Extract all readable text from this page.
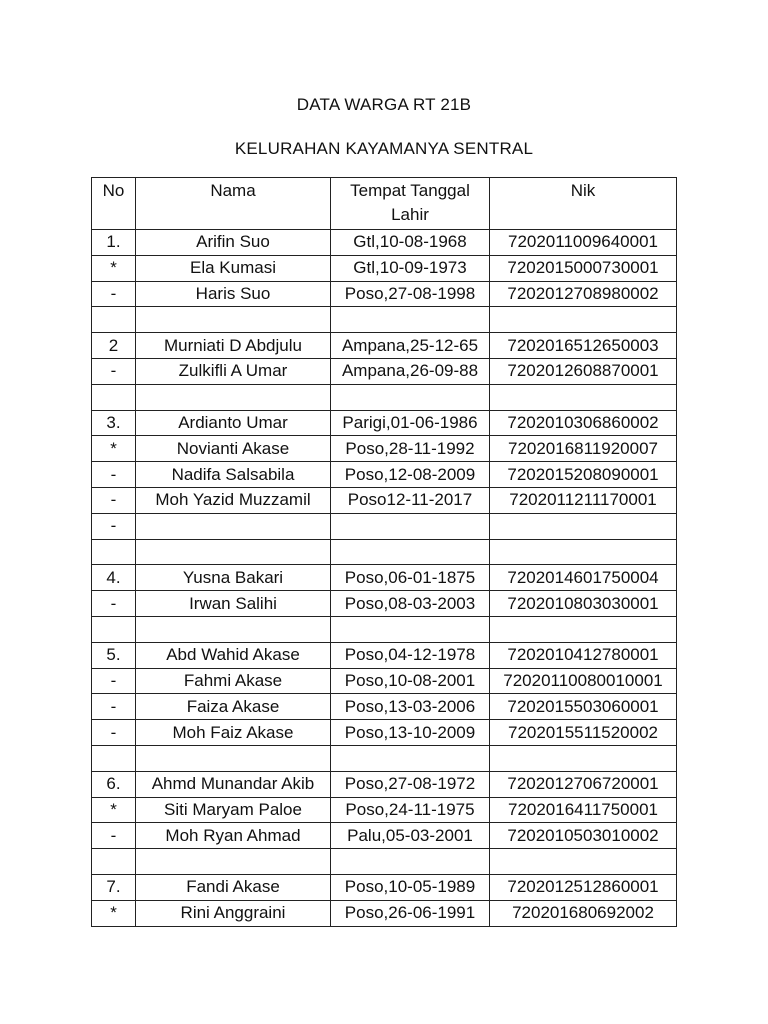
DATA WARGA RT 21B
KELURAHAN KAYAMANYA SENTRAL
No	Nama	Tempat Tanggal Lahir	Nik
1.	Arifin Suo	Gtl,10-08-1968	7202011009640001
*	Ela Kumasi	Gtl,10-09-1973	7202015000730001
-	Haris Suo	Poso,27-08-1998	7202012708980002

2	Murniati D Abdjulu	Ampana,25-12-65	7202016512650003
-	Zulkifli A Umar	Ampana,26-09-88	7202012608870001

3.	Ardianto Umar	Parigi,01-06-1986	7202010306860002
*	Novianti Akase	Poso,28-11-1992	7202016811920007
-	Nadifa Salsabila	Poso,12-08-2009	7202015208090001
-	Moh Yazid Muzzamil	Poso12-11-2017	7202011211170001
-			

4.	Yusna Bakari	Poso,06-01-1875	7202014601750004
-	Irwan Salihi	Poso,08-03-2003	7202010803030001

5.	Abd Wahid Akase	Poso,04-12-1978	7202010412780001
-	Fahmi Akase	Poso,10-08-2001	72020110080010001
-	Faiza Akase	Poso,13-03-2006	7202015503060001
-	Moh Faiz Akase	Poso,13-10-2009	7202015511520002

6.	Ahmd Munandar Akib	Poso,27-08-1972	7202012706720001
*	Siti Maryam Paloe	Poso,24-11-1975	7202016411750001
-	Moh Ryan Ahmad	Palu,05-03-2001	7202010503010002

7.	Fandi Akase	Poso,10-05-1989	7202012512860001
*	Rini Anggraini	Poso,26-06-1991	720201680692002
